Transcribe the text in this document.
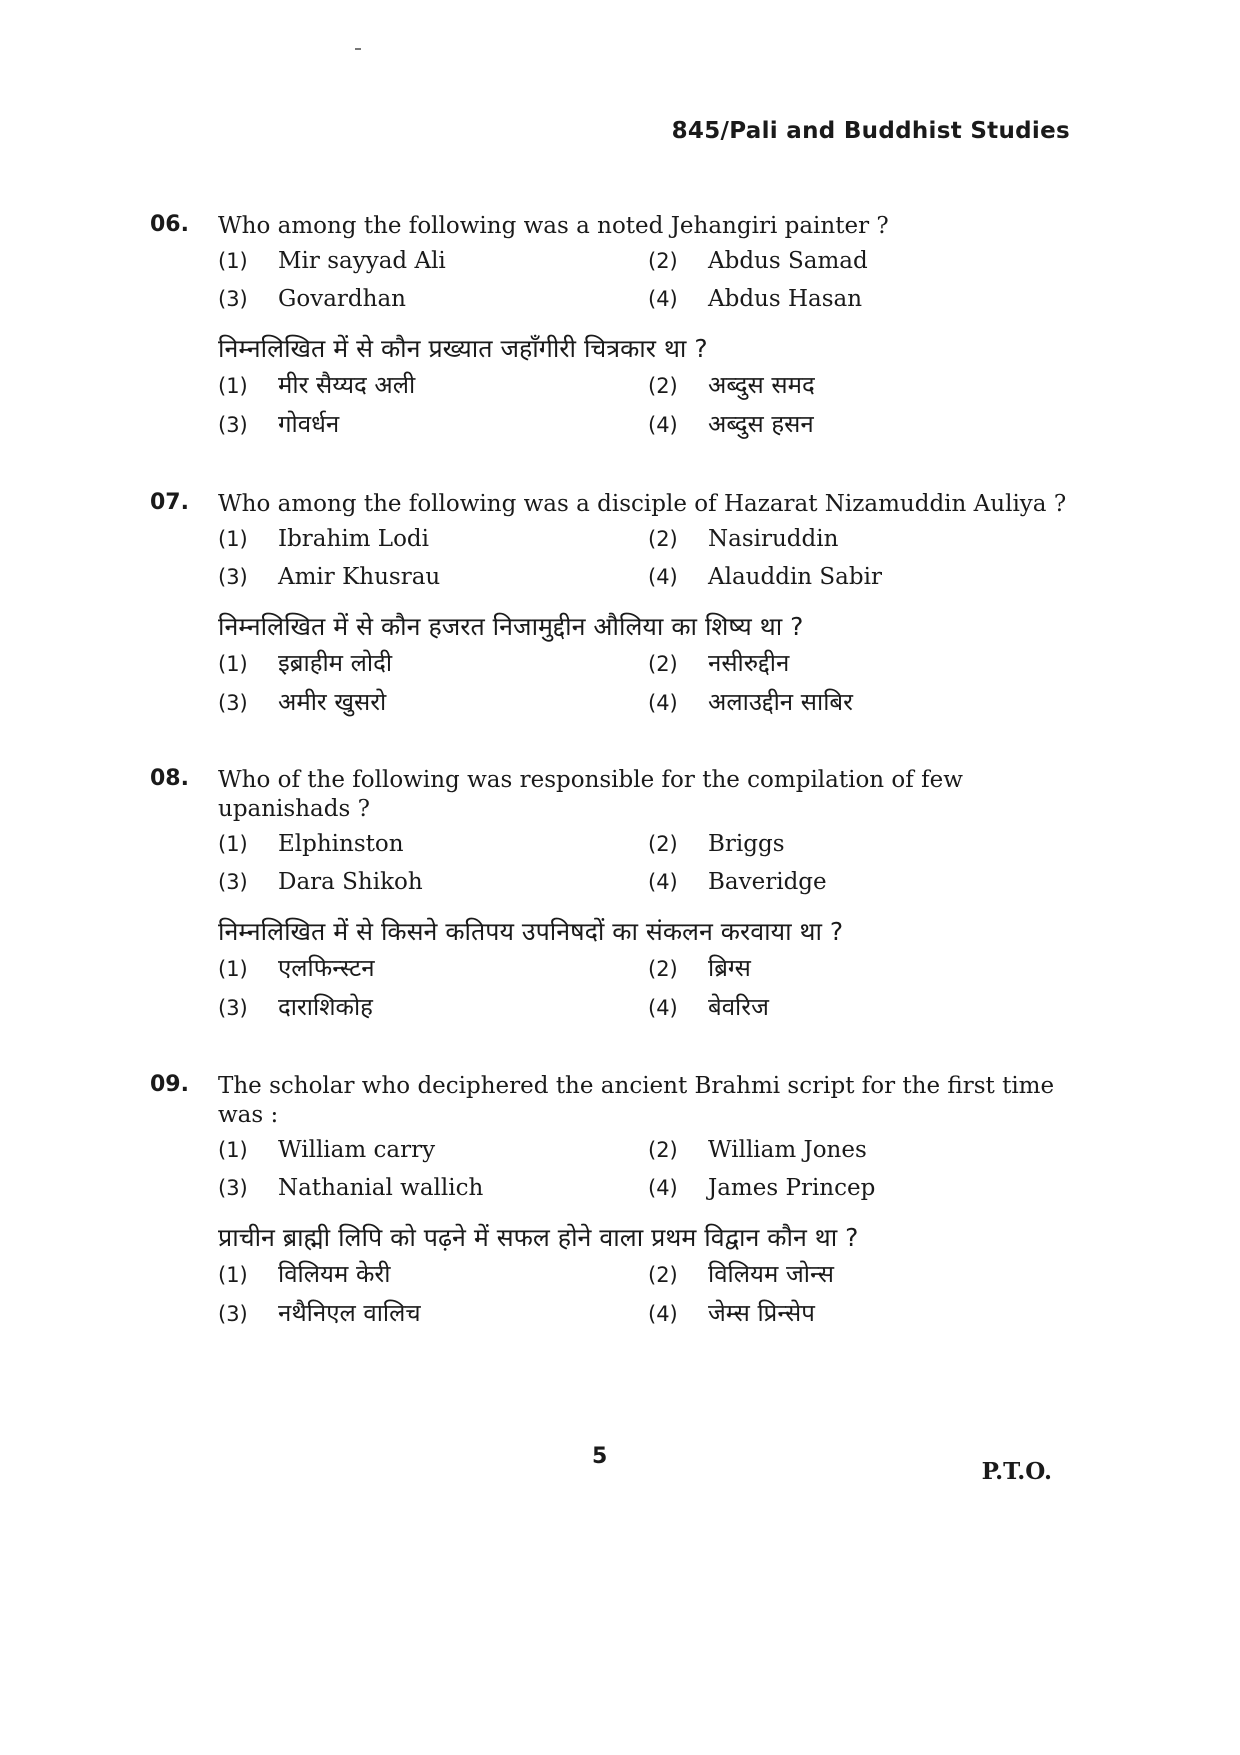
845/Pali and Buddhist Studies
06. Who among the following was a noted Jehangiri painter ?
(1)	Mir sayyad Ali	(2)	Abdus Samad
(3)	Govardhan	(4)	Abdus Hasan
निम्नलिखित में से कौन प्रख्यात जहाँगीरी चित्रकार था ?
(1)	मीर सैय्यद अली	(2)	अब्दुस समद
(3)	गोवर्धन	(4)	अब्दुस हसन
07. Who among the following was a disciple of Hazarat Nizamuddin Auliya ?
(1)	Ibrahim Lodi	(2)	Nasiruddin
(3)	Amir Khusrau	(4)	Alauddin Sabir
निम्नलिखित में से कौन हजरत निजामुद्दीन औलिया का शिष्य था ?
(1)	इब्राहीम लोदी	(2)	नसीरुद्दीन
(3)	अमीर खुसरो	(4)	अलाउद्दीन साबिर
08. Who of the following was responsible for the compilation of few upanishads ?
(1)	Elphinston	(2)	Briggs
(3)	Dara Shikoh	(4)	Baveridge
निम्नलिखित में से किसने कतिपय उपनिषदों का संकलन करवाया था ?
(1)	एलफिन्स्टन	(2)	ब्रिग्स
(3)	दाराशिकोह	(4)	बेवरिज
09. The scholar who deciphered the ancient Brahmi script for the first time was :
(1)	William carry	(2)	William Jones
(3)	Nathanial wallich	(4)	James Princep
प्राचीन ब्राह्मी लिपि को पढ़ने में सफल होने वाला प्रथम विद्वान कौन था ?
(1)	विलियम केरी	(2)	विलियम जोन्स
(3)	नथैनिएल वालिच	(4)	जेम्स प्रिन्सेप
5
P.T.O.
